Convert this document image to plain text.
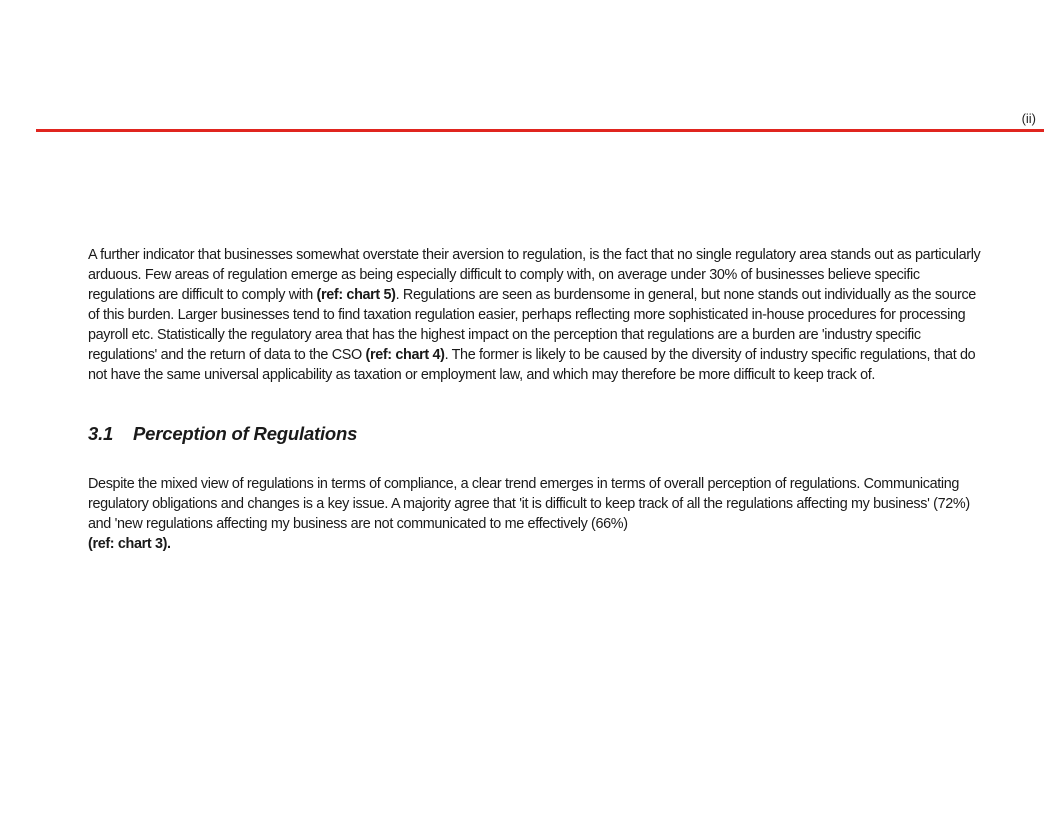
(ii)

A further indicator that businesses somewhat overstate their aversion to regulation, is the fact that no single regulatory area stands out as particularly arduous. Few areas of regulation emerge as being especially difficult to comply with, on average under 30% of businesses believe specific regulations are difficult to comply with (ref: chart 5). Regulations are seen as burdensome in general, but none stands out individually as the source of this burden. Larger businesses tend to find taxation regulation easier, perhaps reflecting more sophisticated in-house procedures for processing payroll etc. Statistically the regulatory area that has the highest impact on the perception that regulations are a burden are 'industry specific regulations' and the return of data to the CSO (ref: chart 4). The former is likely to be caused by the diversity of industry specific regulations, that do not have the same universal applicability as taxation or employment law, and which may therefore be more difficult to keep track of.

3.1 Perception of Regulations

Despite the mixed view of regulations in terms of compliance, a clear trend emerges in terms of overall perception of regulations. Communicating regulatory obligations and changes is a key issue. A majority agree that 'it is difficult to keep track of all the regulations affecting my business' (72%) and 'new regulations affecting my business are not communicated to me effectively (66%)
(ref: chart 3).
